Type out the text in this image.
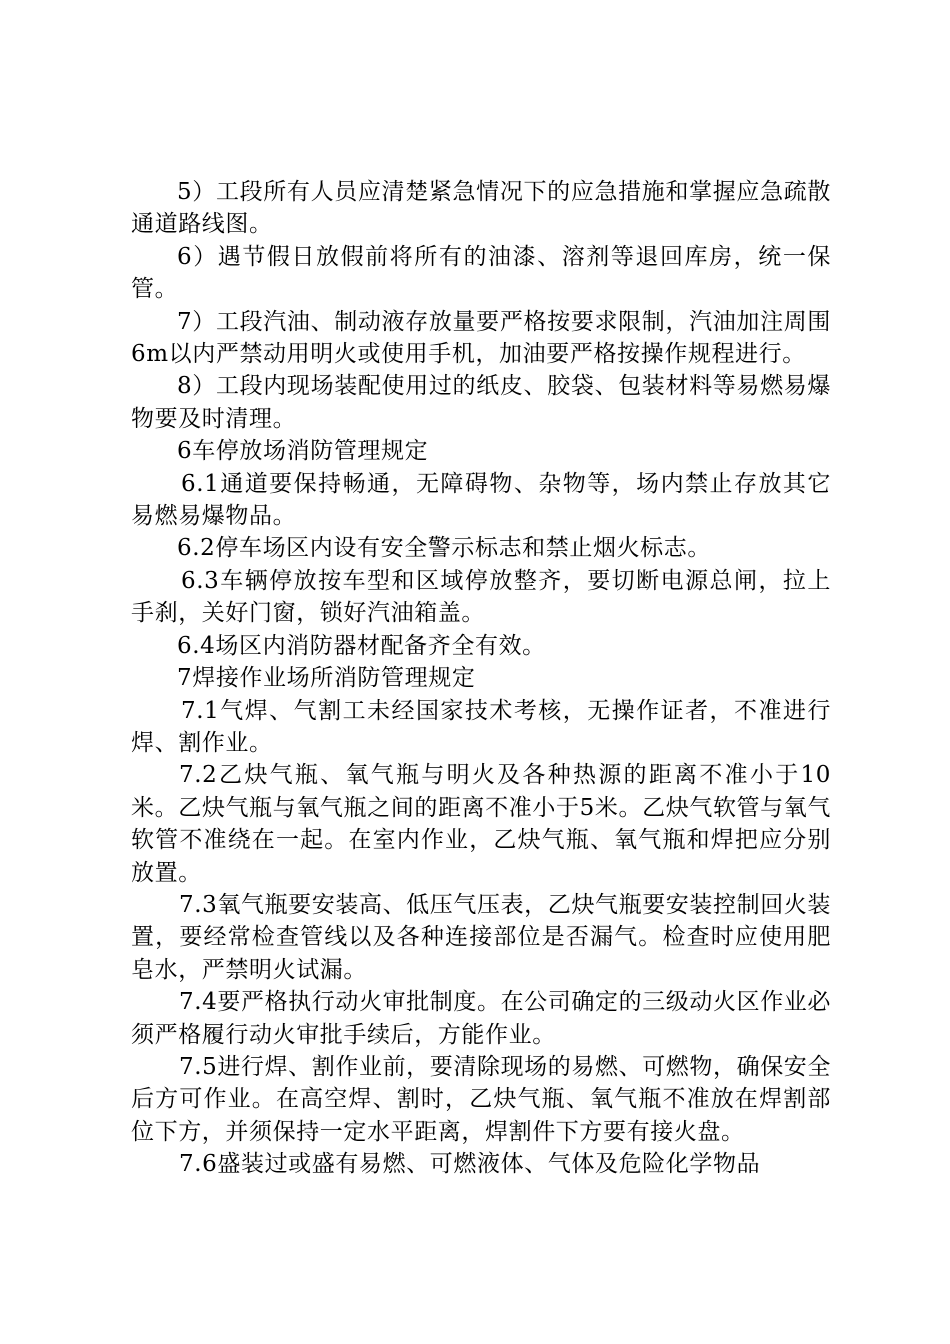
5）工段所有人员应清楚紧急情况下的应急措施和掌握应急疏散通道路线图。

6）遇节假日放假前将所有的油漆、溶剂等退回库房，统一保管。

7）工段汽油、制动液存放量要严格按要求限制，汽油加注周围6m以内严禁动用明火或使用手机，加油要严格按操作规程进行。

8）工段内现场装配使用过的纸皮、胶袋、包装材料等易燃易爆物要及时清理。

6车停放场消防管理规定

6.1通道要保持畅通，无障碍物、杂物等，场内禁止存放其它易燃易爆物品。

6.2停车场区内设有安全警示标志和禁止烟火标志。

6.3车辆停放按车型和区域停放整齐，要切断电源总闸，拉上手刹，关好门窗，锁好汽油箱盖。

6.4场区内消防器材配备齐全有效。

7焊接作业场所消防管理规定

7.1气焊、气割工未经国家技术考核，无操作证者，不准进行焊、割作业。

7.2乙炔气瓶、氧气瓶与明火及各种热源的距离不准小于10米。乙炔气瓶与氧气瓶之间的距离不准小于5米。乙炔气软管与氧气软管不准绕在一起。在室内作业，乙炔气瓶、氧气瓶和焊把应分别放置。

7.3氧气瓶要安装高、低压气压表，乙炔气瓶要安装控制回火装置，要经常检查管线以及各种连接部位是否漏气。检查时应使用肥皂水，严禁明火试漏。

7.4要严格执行动火审批制度。在公司确定的三级动火区作业必须严格履行动火审批手续后，方能作业。

7.5进行焊、割作业前，要清除现场的易燃、可燃物，确保安全后方可作业。在高空焊、割时，乙炔气瓶、氧气瓶不准放在焊割部位下方，并须保持一定水平距离，焊割件下方要有接火盘。

7.6盛装过或盛有易燃、可燃液体、气体及危险化学物品
